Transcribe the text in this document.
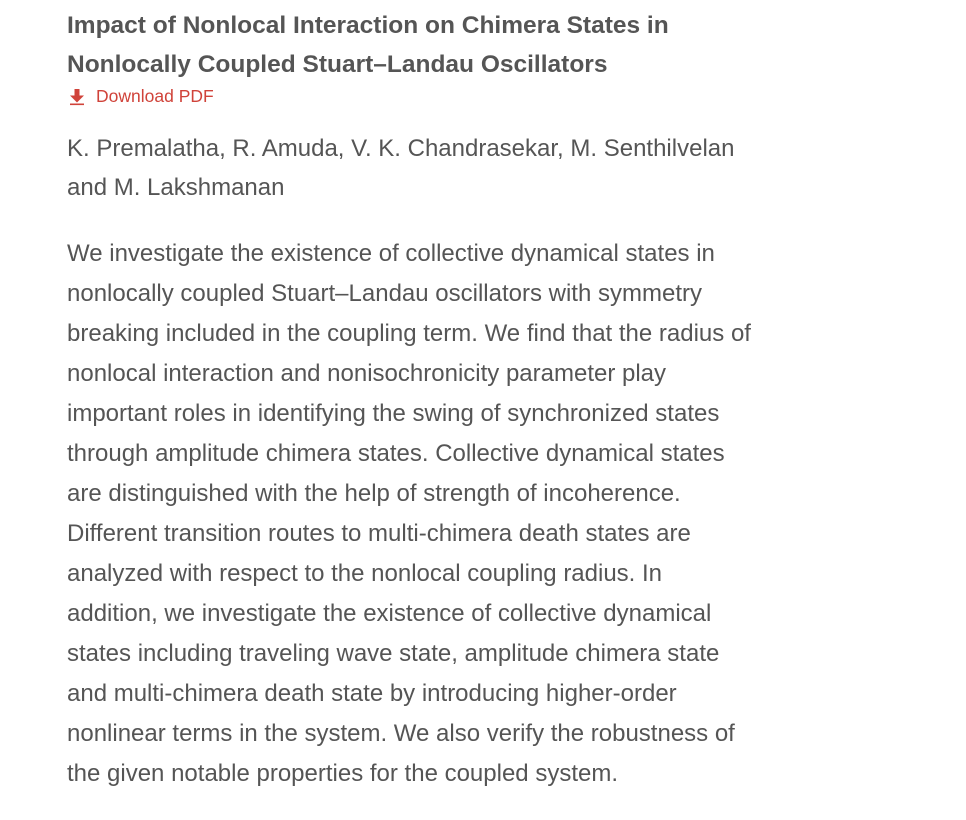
Impact of Nonlocal Interaction on Chimera States in
Nonlocally Coupled Stuart–Landau Oscillators
Download PDF

K. Premalatha, R. Amuda, V. K. Chandrasekar, M. Senthilvelan
and M. Lakshmanan

We investigate the existence of collective dynamical states in
nonlocally coupled Stuart–Landau oscillators with symmetry
breaking included in the coupling term. We find that the radius of
nonlocal interaction and nonisochronicity parameter play
important roles in identifying the swing of synchronized states
through amplitude chimera states. Collective dynamical states
are distinguished with the help of strength of incoherence.
Different transition routes to multi-chimera death states are
analyzed with respect to the nonlocal coupling radius. In
addition, we investigate the existence of collective dynamical
states including traveling wave state, amplitude chimera state
and multi-chimera death state by introducing higher-order
nonlinear terms in the system. We also verify the robustness of
the given notable properties for the coupled system.
